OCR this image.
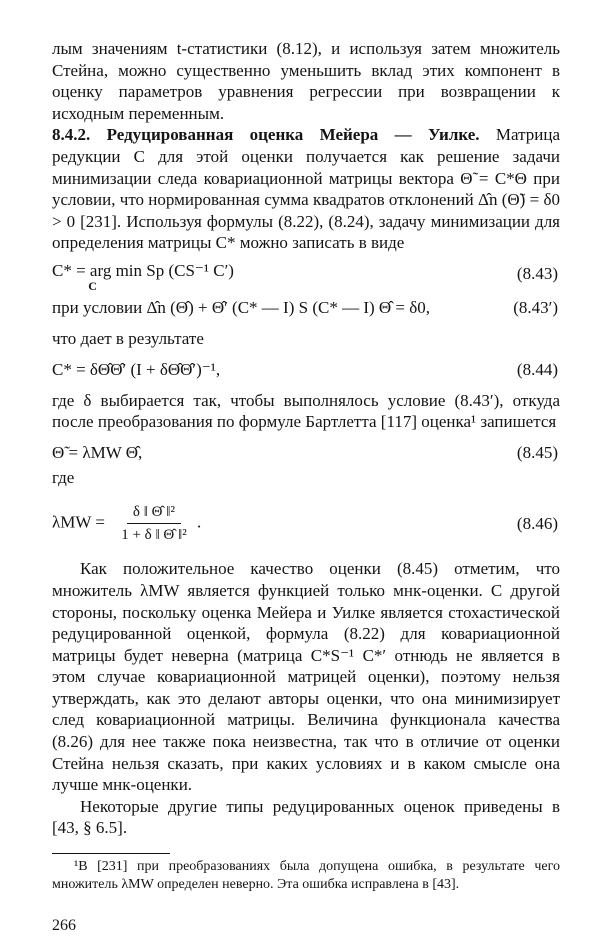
лым значениям t-статистики (8.12), и используя затем множитель Стейна, можно существенно уменьшить вклад этих компонент в оценку параметров уравнения регрессии при возвращении к исходным переменным.

8.4.2. Редуцированная оценка Мейера — Уилке. Матрица редукции C для этой оценки получается как решение задачи минимизации следа ковариационной матрицы вектора Θ̃ = C*Θ при условии, что нормированная сумма квадратов отклонений Δ̂n (Θ̃) = δ0 > 0 [231]. Используя формулы (8.22), (8.24), задачу минимизации для определения матрицы C* можно записать в виде

C* = arg min Sp (CS⁻¹ C′) $_C$
(8.43)
при условии Δ̂n (Θ̂) + Θ̂′ (C* — I) S (C* — I) Θ̂ = δ0,	(8.43′)

что дает в результате

C* = δΘ̂Θ̂′ (I + δΘ̂Θ̂′)⁻¹,	(8.44)

где δ выбирается так, чтобы выполнялось условие (8.43′), откуда после преобразования по формуле Бартлетта [117] оценка¹ запишется

Θ̃ = λMW Θ̂,	(8.45)

где

$\lambda MW = \frac{\text{δ ‖ Θ̂ ‖²}}{\text{1 + δ ‖ Θ̂ ‖²}}$ .	(8.46)

Как положительное качество оценки (8.45) отметим, что множитель λMW является функцией только мнк-оценки. С другой стороны, поскольку оценка Мейера и Уилке является стохастической редуцированной оценкой, формула (8.22) для ковариационной матрицы будет неверна (матрица C*S⁻¹ C*′ отнюдь не является в этом случае ковариационной матрицей оценки), поэтому нельзя утверждать, как это делают авторы оценки, что она минимизирует след ковариационной матрицы. Величина функционала качества (8.26) для нее также пока неизвестна, так что в отличие от оценки Стейна нельзя сказать, при каких условиях и в каком смысле она лучше мнк-оценки.

Некоторые другие типы редуцированных оценок приведены в [43, § 6.5].

¹В [231] при преобразованиях была допущена ошибка, в результате чего множитель λMW определен неверно. Эта ошибка исправлена в [43].

266
